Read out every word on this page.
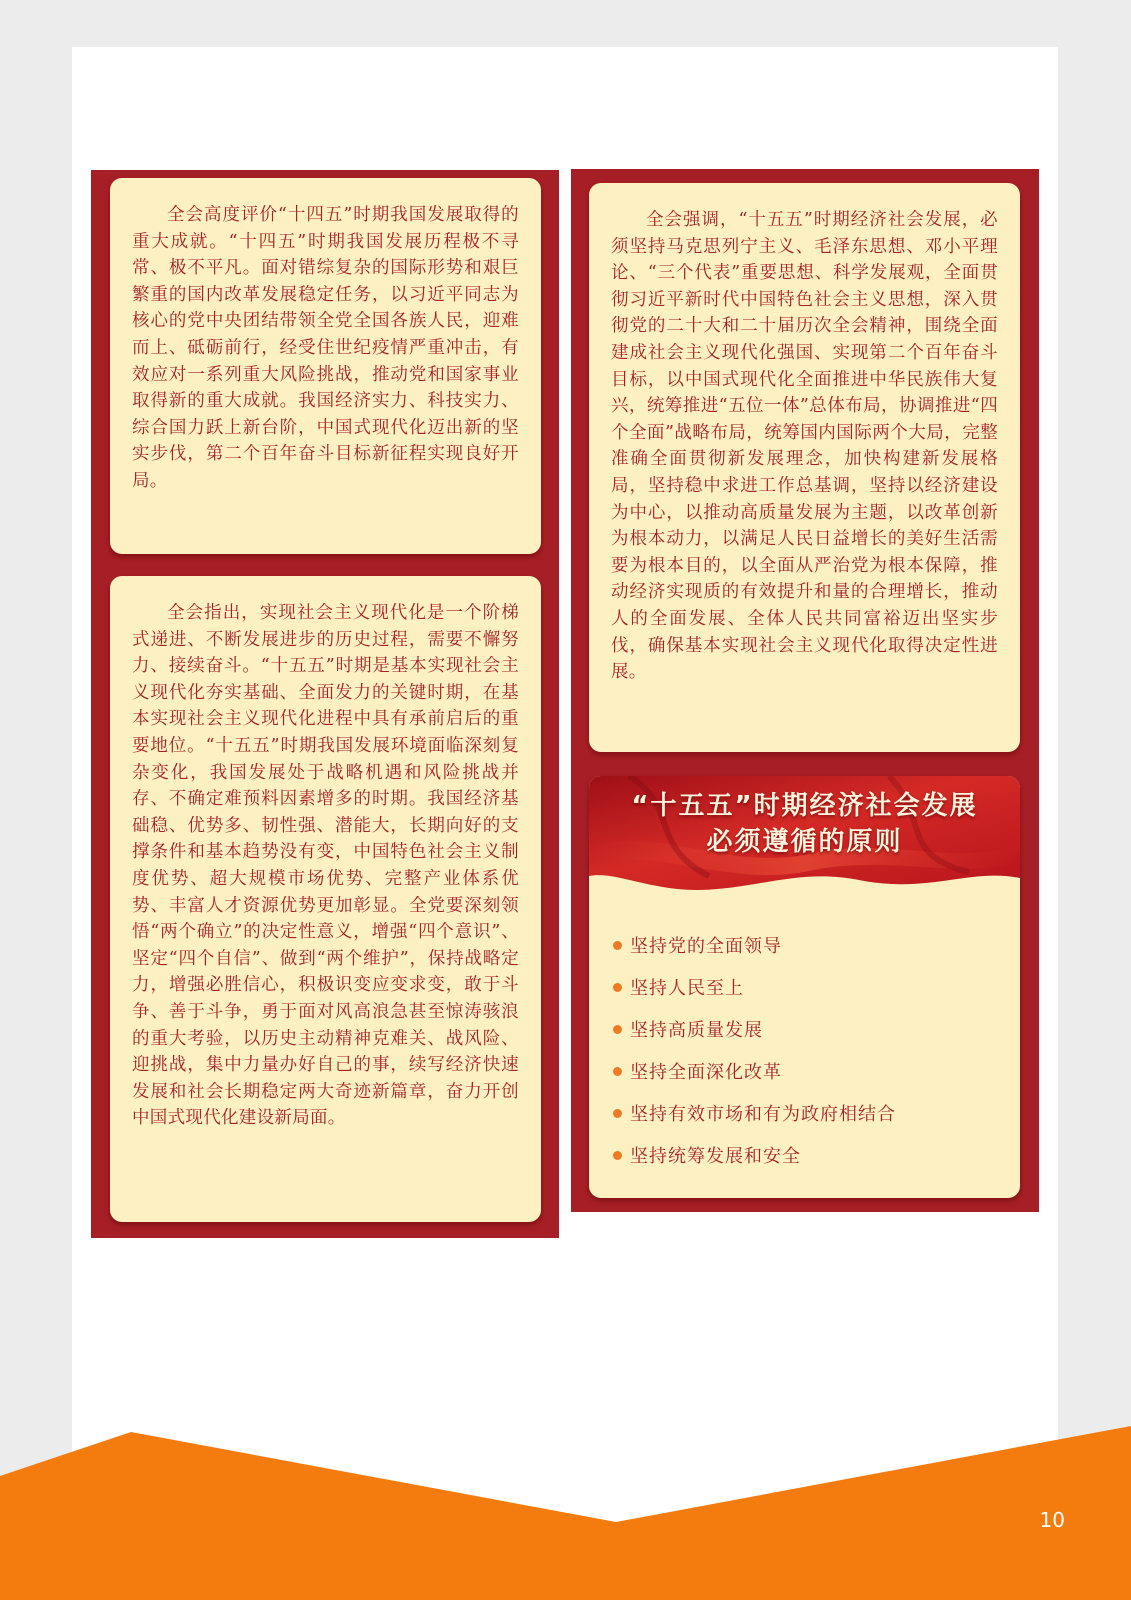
全会高度评价“十四五”时期我国发展取得的重大成就。“十四五”时期我国发展历程极不寻常、极不平凡。面对错综复杂的国际形势和艰巨繁重的国内改革发展稳定任务，以习近平同志为核心的党中央团结带领全党全国各族人民，迎难而上、砥砺前行，经受住世纪疫情严重冲击，有效应对一系列重大风险挑战，推动党和国家事业取得新的重大成就。我国经济实力、科技实力、综合国力跃上新台阶，中国式现代化迈出新的坚实步伐，第二个百年奋斗目标新征程实现良好开局。

全会指出，实现社会主义现代化是一个阶梯式递进、不断发展进步的历史过程，需要不懈努力、接续奋斗。“十五五”时期是基本实现社会主义现代化夯实基础、全面发力的关键时期，在基本实现社会主义现代化进程中具有承前启后的重要地位。“十五五”时期我国发展环境面临深刻复杂变化，我国发展处于战略机遇和风险挑战并存、不确定难预料因素增多的时期。我国经济基础稳、优势多、韧性强、潜能大，长期向好的支撑条件和基本趋势没有变，中国特色社会主义制度优势、超大规模市场优势、完整产业体系优势、丰富人才资源优势更加彰显。全党要深刻领悟“两个确立”的决定性意义，增强“四个意识”、坚定“四个自信”、做到“两个维护”，保持战略定力，增强必胜信心，积极识变应变求变，敢于斗争、善于斗争，勇于面对风高浪急甚至惊涛骇浪的重大考验，以历史主动精神克难关、战风险、迎挑战，集中力量办好自己的事，续写经济快速发展和社会长期稳定两大奇迹新篇章，奋力开创中国式现代化建设新局面。

全会强调，“十五五”时期经济社会发展，必须坚持马克思列宁主义、毛泽东思想、邓小平理论、“三个代表”重要思想、科学发展观，全面贯彻习近平新时代中国特色社会主义思想，深入贯彻党的二十大和二十届历次全会精神，围绕全面建成社会主义现代化强国、实现第二个百年奋斗目标，以中国式现代化全面推进中华民族伟大复兴，统筹推进“五位一体”总体布局，协调推进“四个全面”战略布局，统筹国内国际两个大局，完整准确全面贯彻新发展理念，加快构建新发展格局，坚持稳中求进工作总基调，坚持以经济建设为中心，以推动高质量发展为主题，以改革创新为根本动力，以满足人民日益增长的美好生活需要为根本目的，以全面从严治党为根本保障，推动经济实现质的有效提升和量的合理增长，推动人的全面发展、全体人民共同富裕迈出坚实步伐，确保基本实现社会主义现代化取得决定性进展。

“十五五”时期经济社会发展
必须遵循的原则
坚持党的全面领导
坚持人民至上
坚持高质量发展
坚持全面深化改革
坚持有效市场和有为政府相结合
坚持统筹发展和安全
10
